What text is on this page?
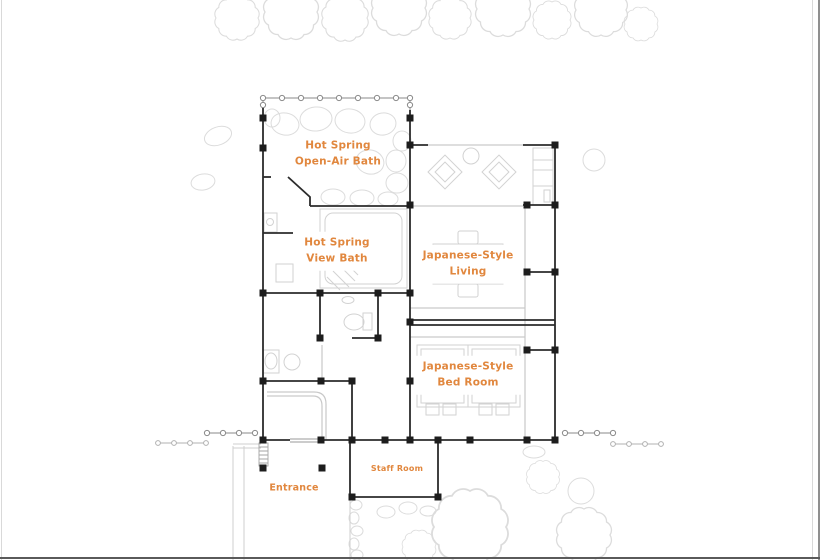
Hot Spring
Open-Air Bath
Hot Spring
View Bath	Japanese-Style
Living
Japanese-Style
Bed Room
Entrance
Staff Room
